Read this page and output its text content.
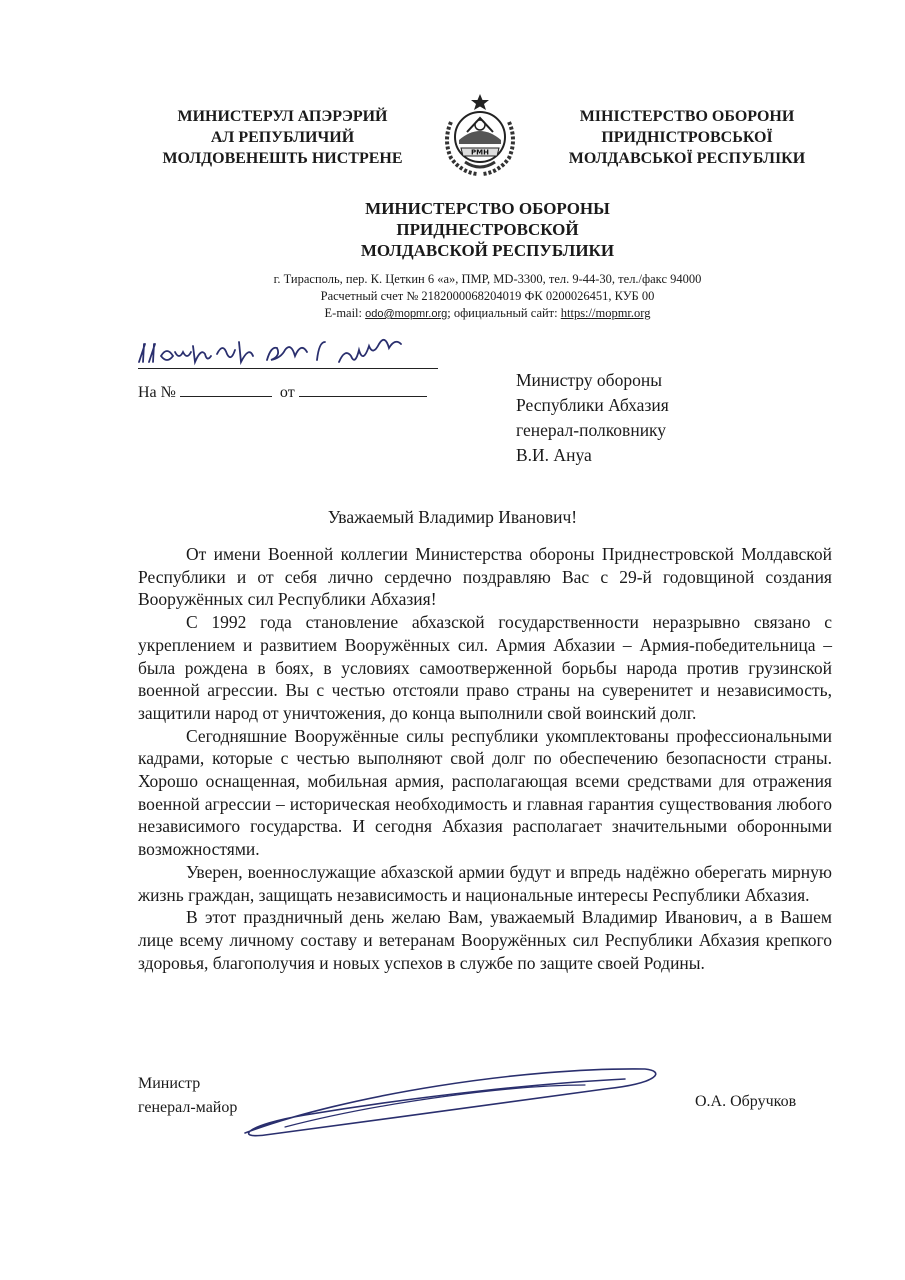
МИНИСТЕРУЛ АПЭРЭРИЙ
АЛ РЕПУБЛИЧИЙ
МОЛДОВЕНЕШТЬ НИСТРЕНЕ	РМН
МІНІСТЕРСТВО ОБОРОНИ
ПРИДНІСТРОВСЬКОЇ
МОЛДАВСЬКОЇ РЕСПУБЛІКИ
МИНИСТЕРСТВО ОБОРОНЫ
ПРИДНЕСТРОВСКОЙ
МОЛДАВСКОЙ РЕСПУБЛИКИ
г. Тирасполь, пер. К. Цеткин 6 «а», ПМР, MD-3300, тел. 9-44-30, тел./факс 94000
Расчетный счет № 2182000068204019 ФК 0200026451, КУБ 00
E-mail: odo@mopmr.org; официальный сайт: https://mopmr.org
На №	от
Министру обороны
Республики Абхазия
генерал-полковнику
В.И. Ануа
Уважаемый Владимир Иванович!

От имени Военной коллегии Министерства обороны Приднестровской Молдавской Республики и от себя лично сердечно поздравляю Вас с 29-й годовщиной создания Вооружённых сил Республики Абхазия!

С 1992 года становление абхазской государственности неразрывно связано с укреплением и развитием Вооружённых сил. Армия Абхазии – Армия-победительница – была рождена в боях, в условиях самоотверженной борьбы народа против грузинской военной агрессии. Вы с честью отстояли право страны на суверенитет и независимость, защитили народ от уничтожения, до конца выполнили свой воинский долг.

Сегодняшние Вооружённые силы республики укомплектованы профессиональными кадрами, которые с честью выполняют свой долг по обеспечению безопасности страны. Хорошо оснащенная, мобильная армия, располагающая всеми средствами для отражения военной агрессии – историческая необходимость и главная гарантия существования любого независимого государства. И сегодня Абхазия располагает значительными оборонными возможностями.

Уверен, военнослужащие абхазской армии будут и впредь надёжно оберегать мирную жизнь граждан, защищать независимость и национальные интересы Республики Абхазия.

В этот праздничный день желаю Вам, уважаемый Владимир Иванович, а в Вашем лице всему личному составу и ветеранам Вооружённых сил Республики Абхазия крепкого здоровья, благополучия и новых успехов в службе по защите своей Родины.

Министр
генерал-майор	О.А. Обручков
